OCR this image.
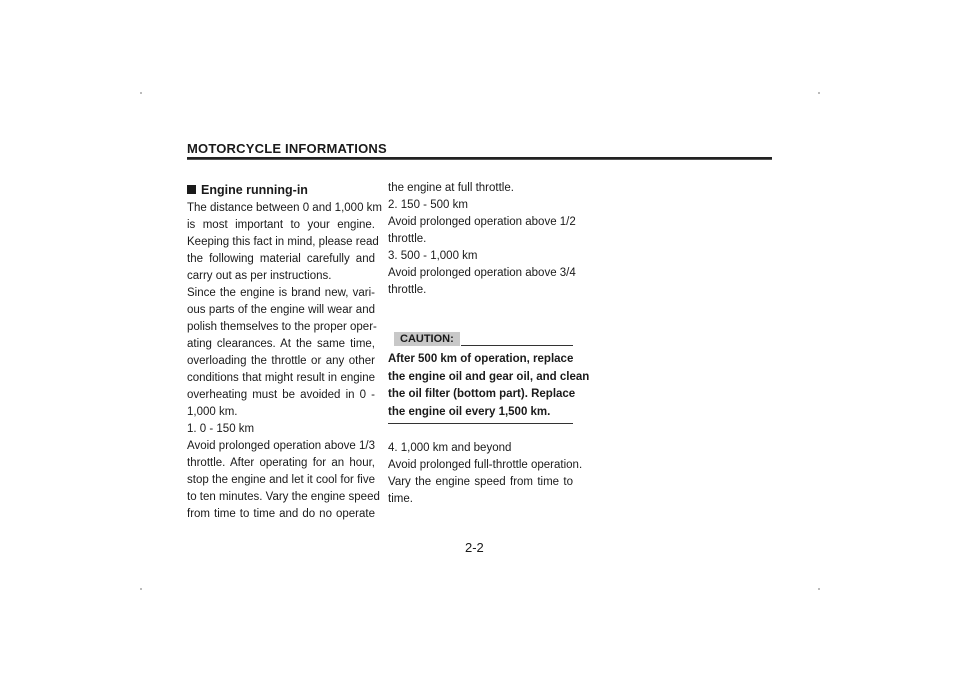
MOTORCYCLE INFORMATIONS
Engine running-in
The distance between 0 and 1,000 km
is most important to your engine.
Keeping this fact in mind, please read
the following material carefully and
carry out as per instructions.
Since the engine is brand new, vari-
ous parts of the engine will wear and
polish themselves to the proper oper-
ating clearances. At the same time,
overloading the throttle or any other
conditions that might result in engine
overheating must be avoided in 0 -
1,000 km.
1. 0 - 150 km
Avoid prolonged operation above 1/3
throttle. After operating for an hour,
stop the engine and let it cool for five
to ten minutes. Vary the engine speed
from time to time and do no operate
the engine at full throttle.
2. 150 - 500 km
Avoid prolonged operation above 1/2
throttle.
3. 500 - 1,000 km
Avoid prolonged operation above 3/4
throttle.
CAUTION:
After 500 km of operation, replace
the engine oil and gear oil, and clean
the oil filter (bottom part). Replace
the engine oil every 1,500 km.
4. 1,000 km and beyond
Avoid prolonged full-throttle operation.
Vary the engine speed from time to
time.
2-2
